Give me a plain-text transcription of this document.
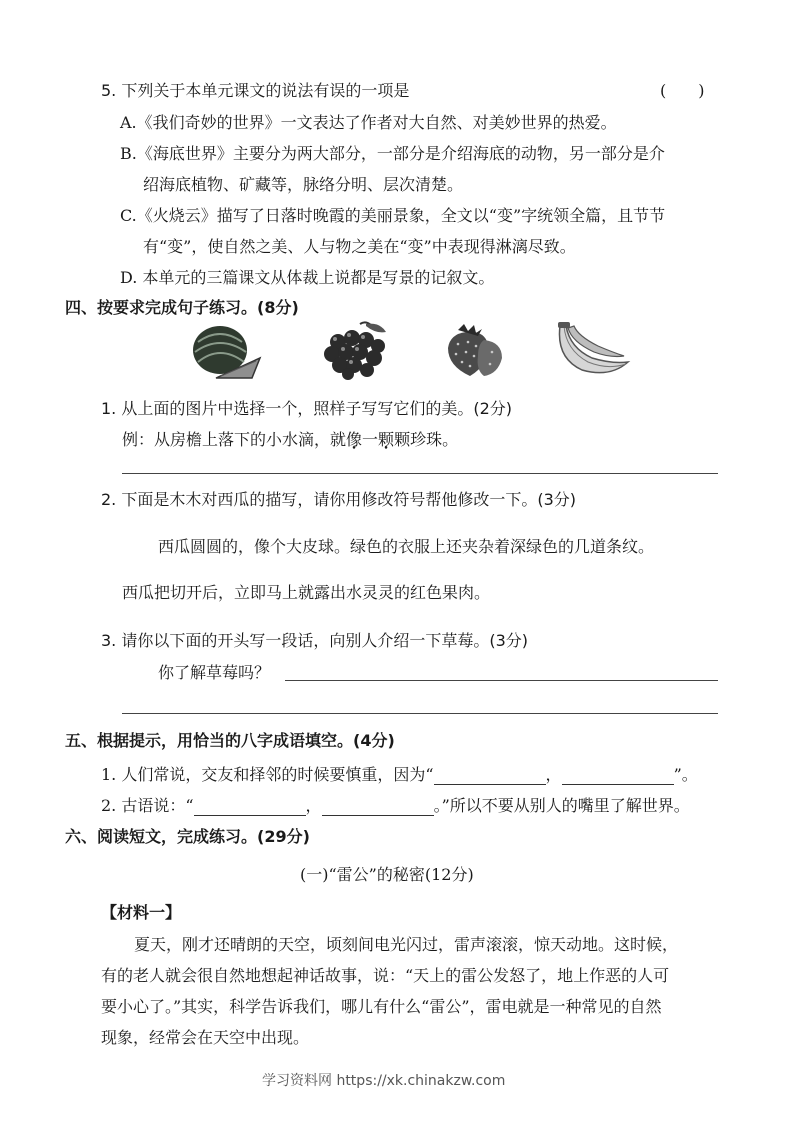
5. 下列关于本单元课文的说法有误的一项是	(　　)
A.《我们奇妙的世界》一文表达了作者对大自然、对美妙世界的热爱。
B.《海底世界》主要分为两大部分，一部分是介绍海底的动物，另一部分是介
绍海底植物、矿藏等，脉络分明、层次清楚。
C.《火烧云》描写了日落时晚霞的美丽景象，全文以“变”字统领全篇，且节节
有“变”，使自然之美、人与物之美在“变”中表现得淋漓尽致。
D. 本单元的三篇课文从体裁上说都是写景的记叙文。
四、按要求完成句子练习。(8分)
1. 从上面的图片中选择一个，照样子写写它们的美。(2分)
例：从房檐上落下的小水滴，就像一颗颗珍珠。
2. 下面是木木对西瓜的描写，请你用修改符号帮他修改一下。(3分)
西瓜圆圆的，像个大皮球。绿色的衣服上还夹杂着深绿色的几道条纹。
西瓜把切开后，立即马上就露出水灵灵的红色果肉。
3. 请你以下面的开头写一段话，向别人介绍一下草莓。(3分)
你了解草莓吗？
五、根据提示，用恰当的八字成语填空。(4分)
1. 人们常说，交友和择邻的时候要慎重，因为“	，	”。
2. 古语说：“	，	。”所以不要从别人的嘴里了解世界。
六、阅读短文，完成练习。(29分)
(一)“雷公”的秘密(12分)
【材料一】
夏天，刚才还晴朗的天空，顷刻间电光闪过，雷声滚滚，惊天动地。这时候，
有的老人就会很自然地想起神话故事，说：“天上的雷公发怒了，地上作恶的人可
要小心了。”其实，科学告诉我们，哪儿有什么“雷公”，雷电就是一种常见的自然
现象，经常会在天空中出现。
学习资料网 https://xk.chinakzw.com
